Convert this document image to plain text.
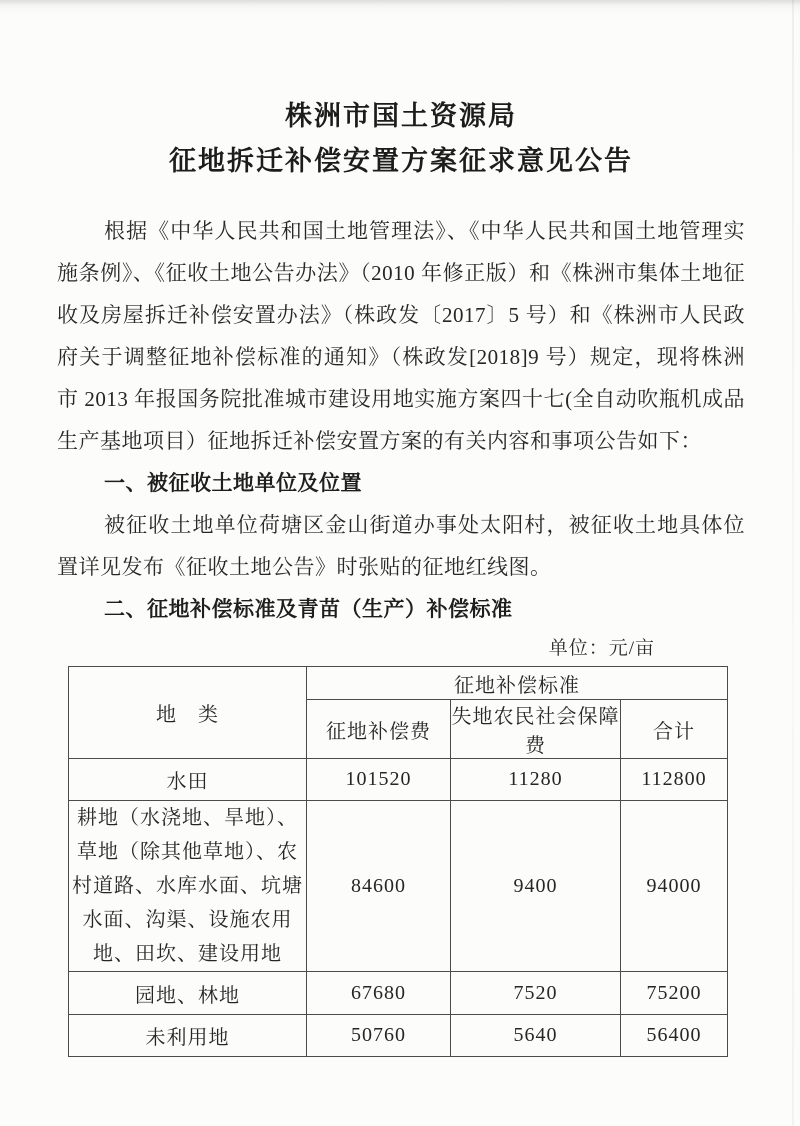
株洲市国土资源局
征地拆迁补偿安置方案征求意见公告

根据《中华人民共和国土地管理法》、《中华人民共和国土地管理实施条例》、《征收土地公告办法》（2010 年修正版）和《株洲市集体土地征收及房屋拆迁补偿安置办法》（株政发〔2017〕5 号）和《株洲市人民政府关于调整征地补偿标准的通知》（株政发[2018]9 号）规定，现将株洲市 2013 年报国务院批准城市建设用地实施方案四十七(全自动吹瓶机成品生产基地项目）征地拆迁补偿安置方案的有关内容和事项公告如下：

一、被征收土地单位及位置

被征收土地单位荷塘区金山街道办事处太阳村，被征收土地具体位置详见发布《征收土地公告》时张贴的征地红线图。

二、征地补偿标准及青苗（生产）补偿标准

单位：元/亩
地　类	征地补偿标准		
	征地补偿费	失地农民社会保障费	合计
水田	101520	11280	112800
耕地（水浇地、旱地）、草地（除其他草地）、农村道路、水库水面、坑塘水面、沟渠、设施农用地、田坎、建设用地	84600	9400	94000
园地、林地	67680	7520	75200
未利用地	50760	5640	56400
